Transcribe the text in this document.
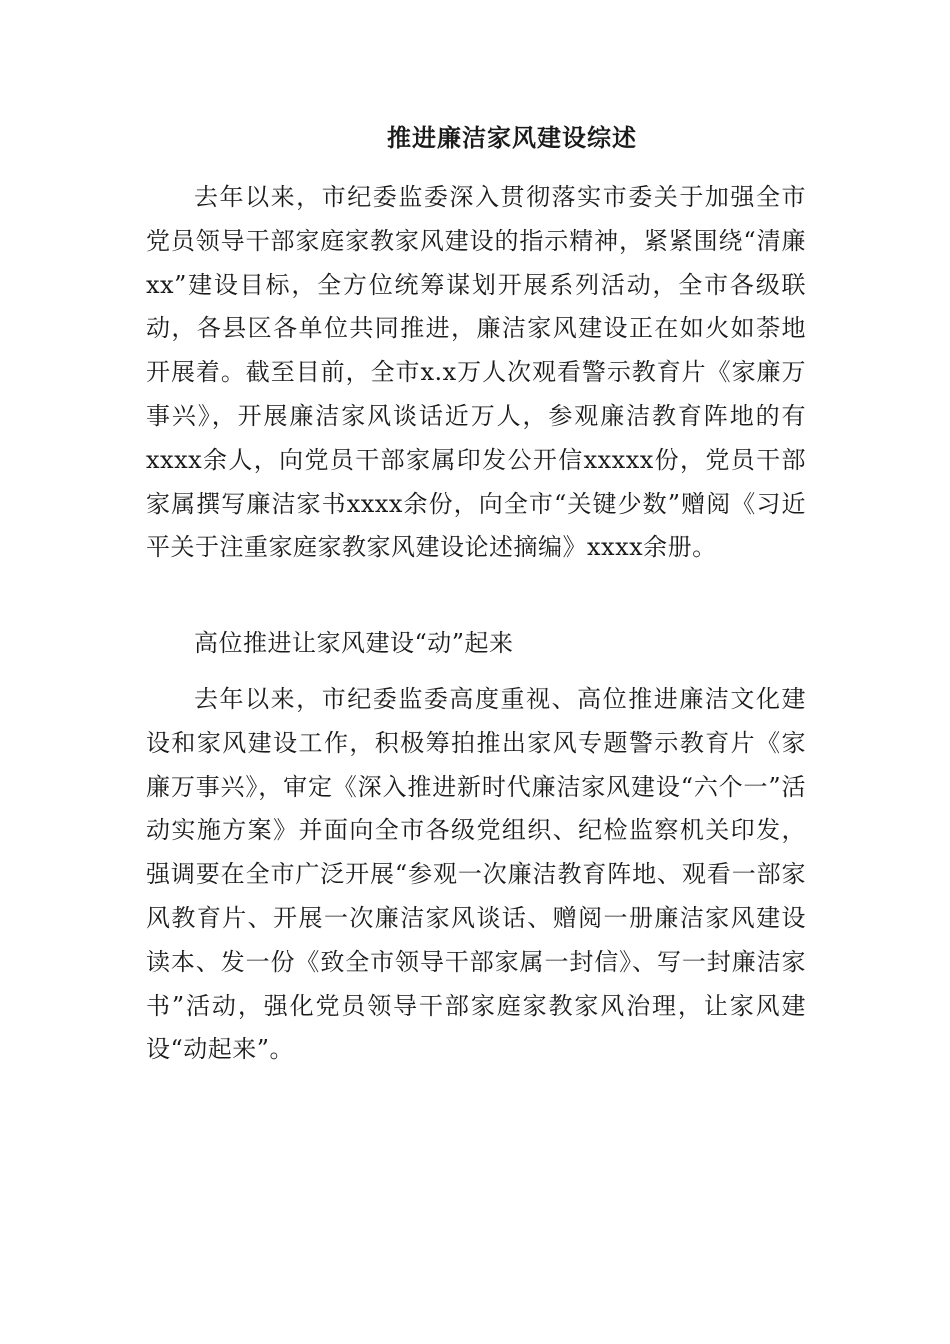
推进廉洁家风建设综述

去年以来，市纪委监委深入贯彻落实市委关于加强全市党员领导干部家庭家教家风建设的指示精神，紧紧围绕“清廉xx”建设目标，全方位统筹谋划开展系列活动，全市各级联动，各县区各单位共同推进，廉洁家风建设正在如火如荼地开展着。截至目前，全市x.x万人次观看警示教育片《家廉万事兴》，开展廉洁家风谈话近万人，参观廉洁教育阵地的有xxxx余人，向党员干部家属印发公开信xxxxx份，党员干部家属撰写廉洁家书xxxx余份，向全市“关键少数”赠阅《习近平关于注重家庭家教家风建设论述摘编》xxxx余册。

高位推进让家风建设“动”起来

去年以来，市纪委监委高度重视、高位推进廉洁文化建设和家风建设工作，积极筹拍推出家风专题警示教育片《家廉万事兴》，审定《深入推进新时代廉洁家风建设“六个一”活动实施方案》并面向全市各级党组织、纪检监察机关印发，强调要在全市广泛开展“参观一次廉洁教育阵地、观看一部家风教育片、开展一次廉洁家风谈话、赠阅一册廉洁家风建设读本、发一份《致全市领导干部家属一封信》、写一封廉洁家书”活动，强化党员领导干部家庭家教家风治理，让家风建设“动起来”。
